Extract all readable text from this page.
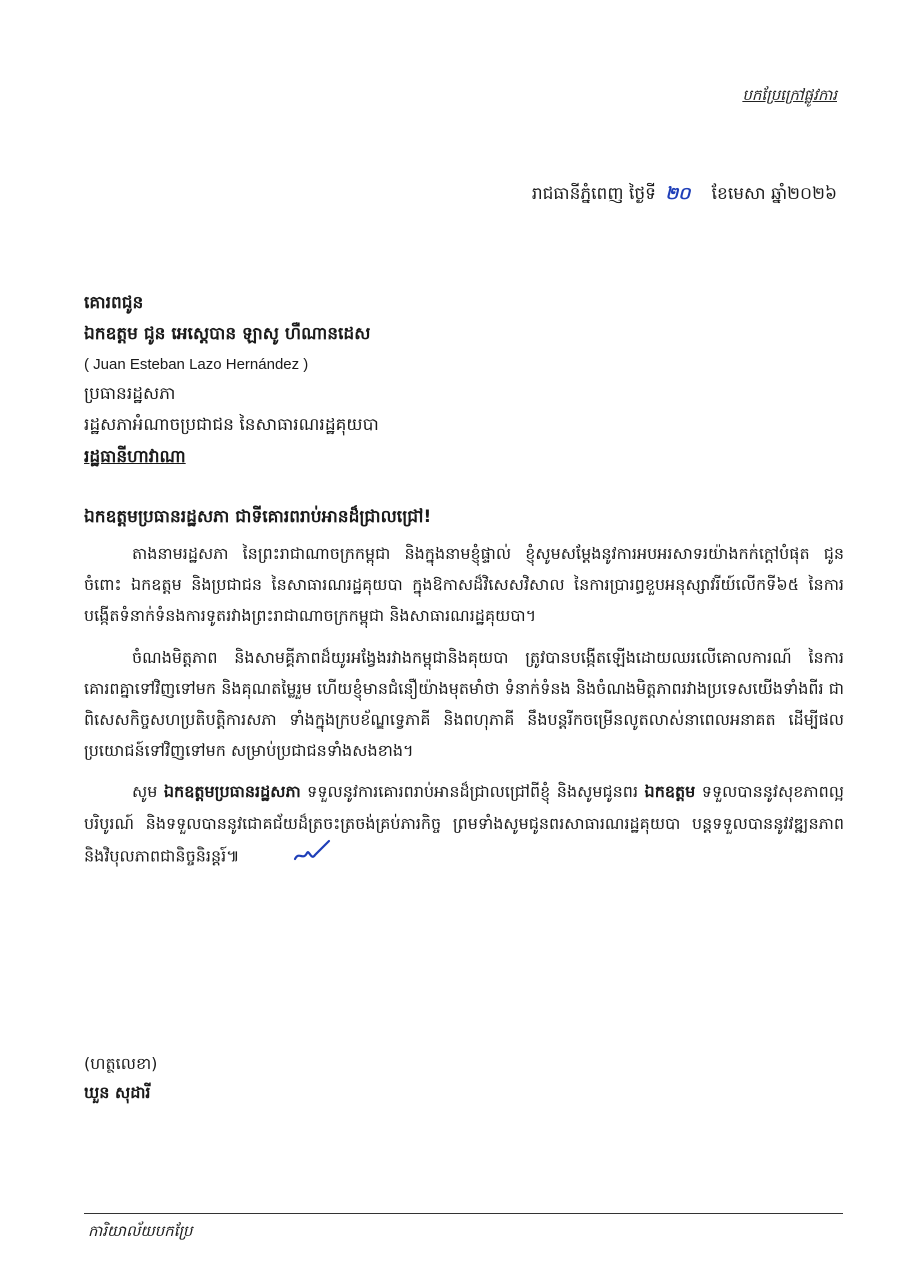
បកប្រែក្រៅផ្លូវការ
រាជធានីភ្នំពេញ ថ្ងៃទី ២០ ខែមេសា ឆ្នាំ២០២៦
គោរពជូន
ឯកឧត្តម ជូន អេស្តេបាន ឡាសូ ហឺណានដេស
( Juan Esteban Lazo Hernández )
ប្រធានរដ្ឋសភា
រដ្ឋសភាអំណាចប្រជាជន នៃសាធារណរដ្ឋគុយបា
រដ្ឋធានីហាវាណា
ឯកឧត្តមប្រធានរដ្ឋសភា ជាទីគោរពរាប់អានដ៏ជ្រាលជ្រៅ!

តាងនាមរដ្ឋសភា នៃព្រះរាជាណាចក្រកម្ពុជា និងក្នុងនាមខ្ញុំផ្ទាល់ ខ្ញុំសូមសម្តែងនូវការអបអរសាទរយ៉ាងកក់ក្តៅបំផុត ជូនចំពោះ ឯកឧត្តម និងប្រជាជន នៃសាធារណរដ្ឋគុយបា ក្នុងឱកាសដ៏វិសេសវិសាល នៃការប្រារព្ធខួបអនុស្សាវរីយ៍លើកទី៦៥ នៃការបង្កើតទំនាក់ទំនងការទូតរវាងព្រះរាជាណាចក្រកម្ពុជា និងសាធារណរដ្ឋគុយបា។

ចំណងមិត្តភាព និងសាមគ្គីភាពដ៏យូរអង្វែងរវាងកម្ពុជានិងគុយបា ត្រូវបានបង្កើតឡើងដោយឈរលើគោលការណ៍ នៃការគោរពគ្នាទៅវិញទៅមក និងគុណតម្លៃរួម ហើយខ្ញុំមានជំនឿយ៉ាងមុតមាំថា ទំនាក់ទំនង និងចំណងមិត្តភាពរវាងប្រទេសយើងទាំងពីរ ជាពិសេសកិច្ចសហប្រតិបត្តិការសភា ទាំងក្នុងក្របខ័ណ្ឌទ្វេភាគី និងពហុភាគី នឹងបន្តរីកចម្រើនលូតលាស់នាពេលអនាគត ដើម្បីផលប្រយោជន៍ទៅវិញទៅមក សម្រាប់ប្រជាជនទាំងសងខាង។

សូម ឯកឧត្តមប្រធានរដ្ឋសភា ទទួលនូវការគោរពរាប់អានដ៏ជ្រាលជ្រៅពីខ្ញុំ និងសូមជូនពរ ឯកឧត្តម ទទួលបាននូវសុខភាពល្អបរិបូរណ៍ និងទទួលបាននូវជោគជ័យដ៏ត្រចះត្រចង់គ្រប់ភារកិច្ច ព្រមទាំងសូមជូនពរសាធារណរដ្ឋគុយបា បន្តទទួលបាននូវវឌ្ឍនភាព និងវិបុលភាពជានិច្ចនិរន្តរ៍៕

(ហត្ថលេខា)
ឃួន សុដារី
ការិយាល័យបកប្រែ
